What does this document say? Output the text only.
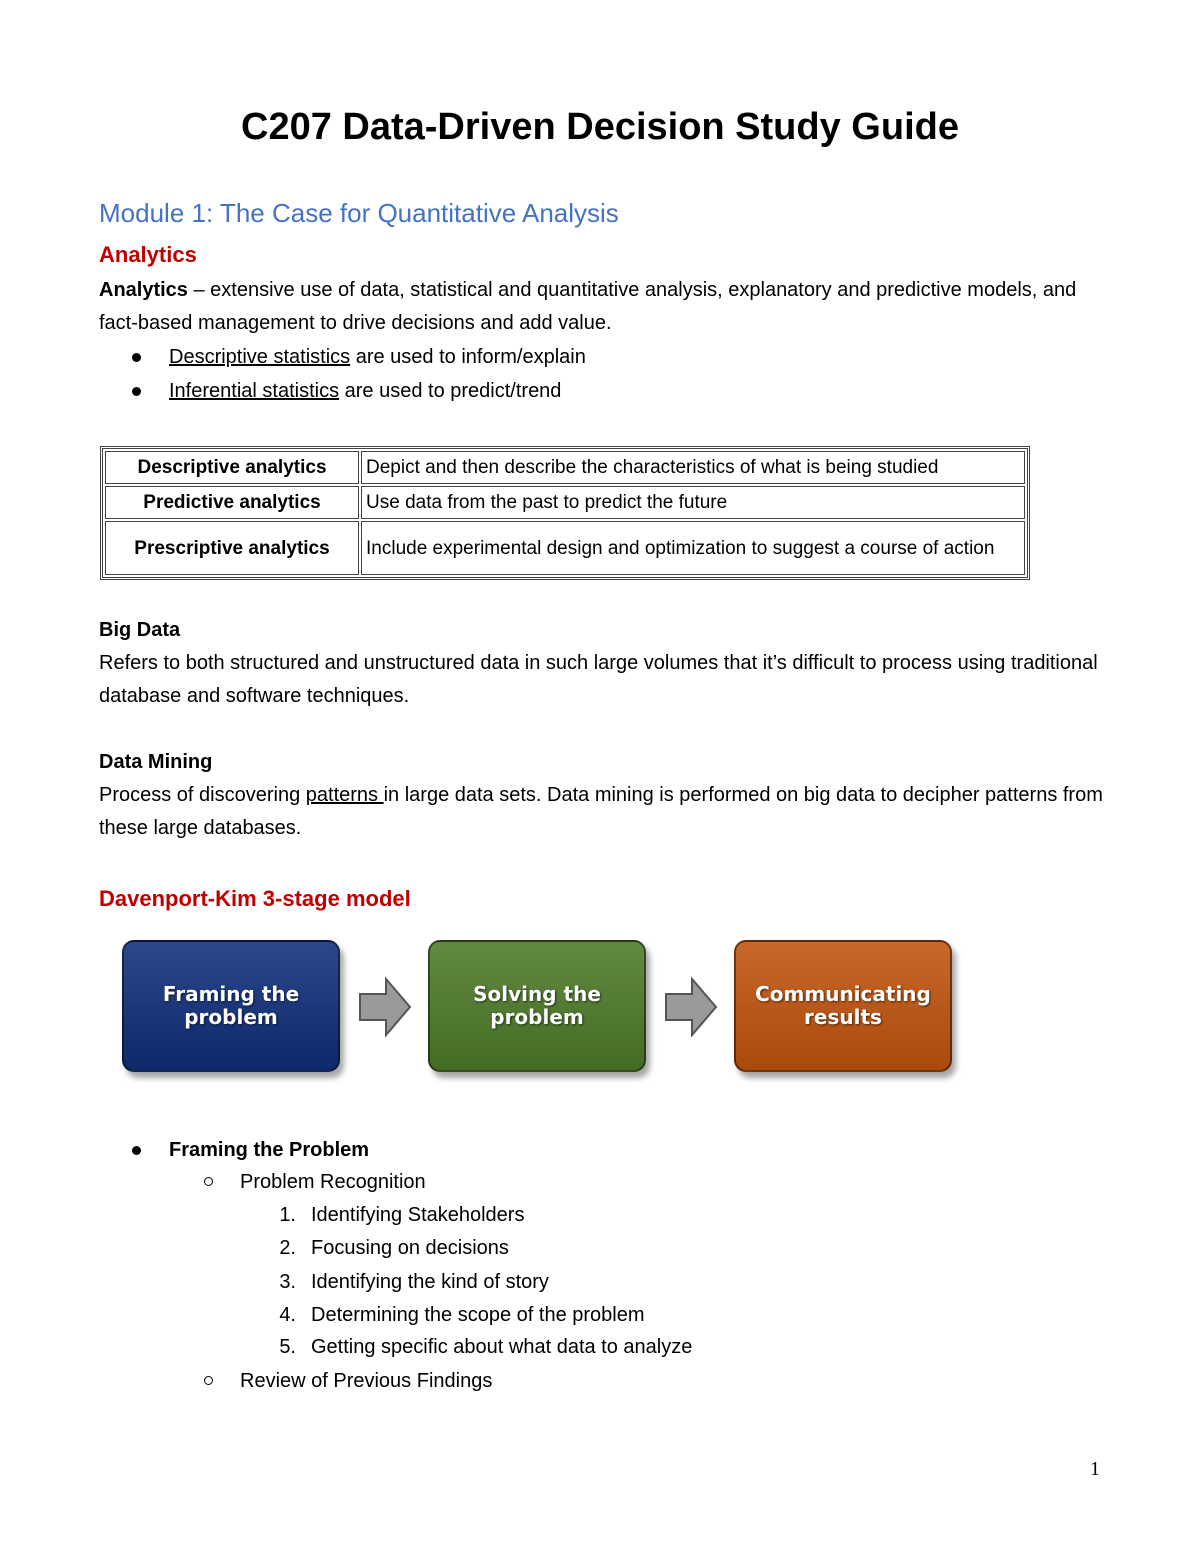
C207 Data-Driven Decision Study Guide
Module 1: The Case for Quantitative Analysis
Analytics
Analytics – extensive use of data, statistical and quantitative analysis, explanatory and predictive models, and fact-based management to drive decisions and add value.
Descriptive statistics are used to inform/explain
Inferential statistics are used to predict/trend
Descriptive analytics	Depict and then describe the characteristics of what is being studied
Predictive analytics	Use data from the past to predict the future
Prescriptive analytics	Include experimental design and optimization to suggest a course of action
Big Data
Refers to both structured and unstructured data in such large volumes that it’s difficult to process using traditional database and software techniques.
Data Mining
Process of discovering patterns in large data sets. Data mining is performed on big data to decipher patterns from these large databases.
Davenport-Kim 3-stage model
Framing the
problem
Solving the
problem
Communicating
results
Framing the Problem
Problem Recognition
1. Identifying Stakeholders
2. Focusing on decisions
3. Identifying the kind of story
4. Determining the scope of the problem
5. Getting specific about what data to analyze
Review of Previous Findings
1
